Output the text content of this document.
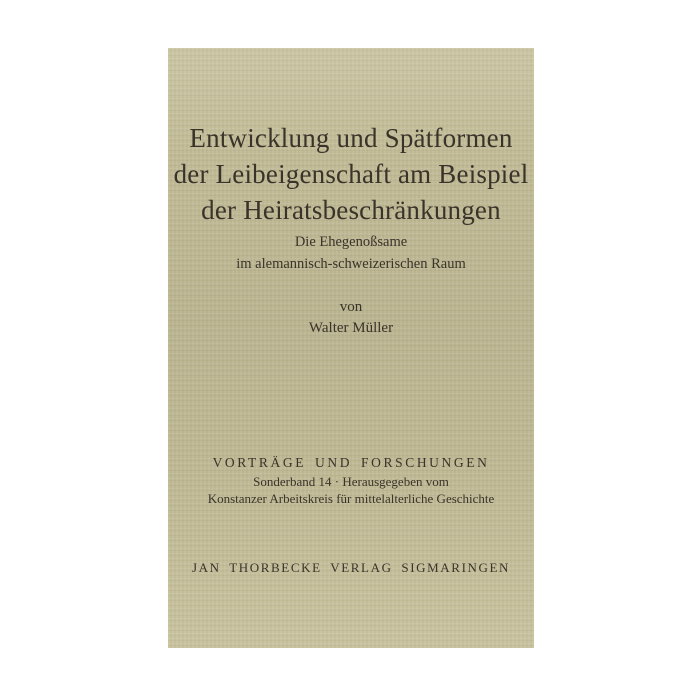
Entwicklung und Spätformen
der Leibeigenschaft am Beispiel
der Heiratsbeschränkungen
Die Ehegenoßsame
im alemannisch-schweizerischen Raum
von
Walter Müller
VORTRÄGE UND FORSCHUNGEN
Sonderband 14 · Herausgegeben vom
Konstanzer Arbeitskreis für mittelalterliche Geschichte
JAN THORBECKE VERLAG SIGMARINGEN
